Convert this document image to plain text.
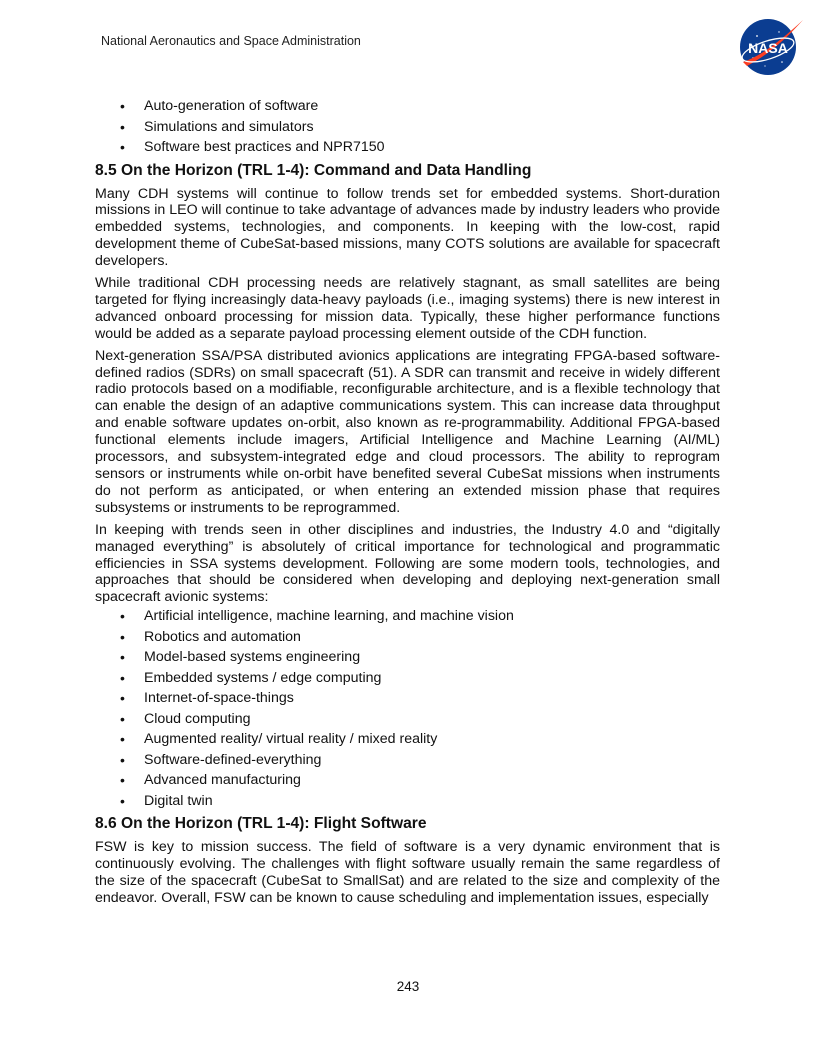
National Aeronautics and Space Administration	NASA
• Auto-generation of software
• Simulations and simulators
• Software best practices and NPR7150
8.5 On the Horizon (TRL 1-4): Command and Data Handling

Many CDH systems will continue to follow trends set for embedded systems. Short-duration missions in LEO will continue to take advantage of advances made by industry leaders who provide embedded systems, technologies, and components. In keeping with the low-cost, rapid development theme of CubeSat-based missions, many COTS solutions are available for spacecraft developers.

While traditional CDH processing needs are relatively stagnant, as small satellites are being targeted for flying increasingly data-heavy payloads (i.e., imaging systems) there is new interest in advanced onboard processing for mission data. Typically, these higher performance functions would be added as a separate payload processing element outside of the CDH function.

Next-generation SSA/PSA distributed avionics applications are integrating FPGA-based software-defined radios (SDRs) on small spacecraft (51). A SDR can transmit and receive in widely different radio protocols based on a modifiable, reconfigurable architecture, and is a flexible technology that can enable the design of an adaptive communications system. This can increase data throughput and enable software updates on-orbit, also known as re-programmability. Additional FPGA-based functional elements include imagers, Artificial Intelligence and Machine Learning (AI/ML) processors, and subsystem-integrated edge and cloud processors. The ability to reprogram sensors or instruments while on-orbit have benefited several CubeSat missions when instruments do not perform as anticipated, or when entering an extended mission phase that requires subsystems or instruments to be reprogrammed.

In keeping with trends seen in other disciplines and industries, the Industry 4.0 and “digitally managed everything” is absolutely of critical importance for technological and programmatic efficiencies in SSA systems development. Following are some modern tools, technologies, and approaches that should be considered when developing and deploying next-generation small spacecraft avionic systems:

• Artificial intelligence, machine learning, and machine vision
• Robotics and automation
• Model-based systems engineering
• Embedded systems / edge computing
• Internet-of-space-things
• Cloud computing
• Augmented reality/ virtual reality / mixed reality
• Software-defined-everything
• Advanced manufacturing
• Digital twin
8.6 On the Horizon (TRL 1-4): Flight Software

FSW is key to mission success. The field of software is a very dynamic environment that is continuously evolving. The challenges with flight software usually remain the same regardless of the size of the spacecraft (CubeSat to SmallSat) and are related to the size and complexity of the endeavor. Overall, FSW can be known to cause scheduling and implementation issues, especially

243
